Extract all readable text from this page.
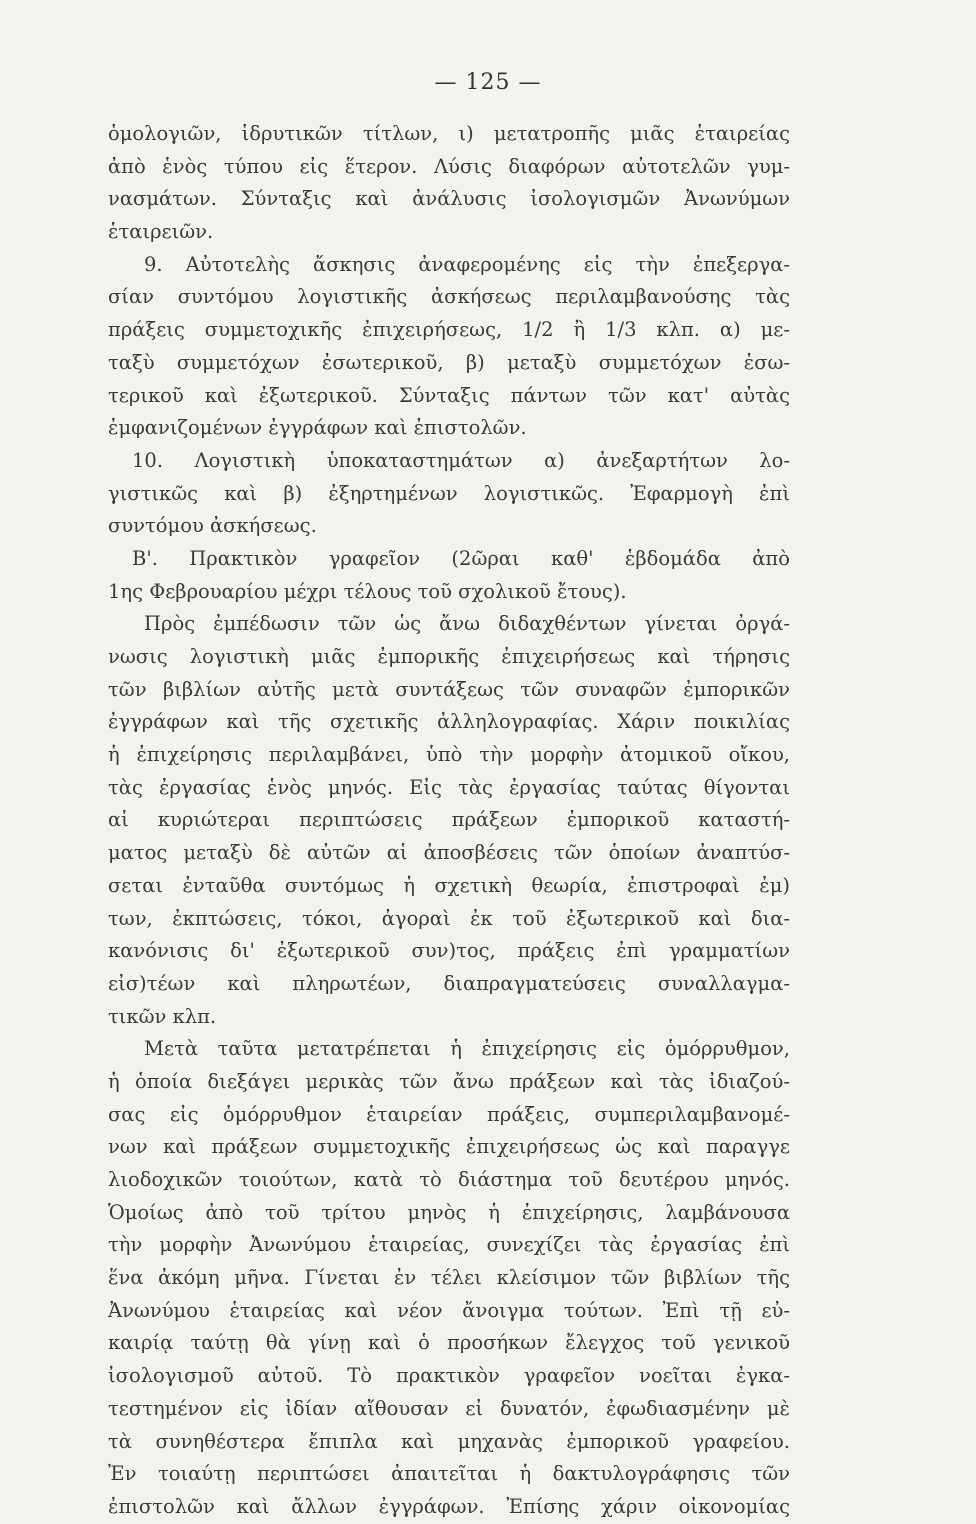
— 125 —
ὁμολογιῶν, ἱδρυτικῶν τίτλων, ι) μετατροπῆς μιᾶς ἑταιρείας
ἀπὸ ἑνὸς τύπου εἰς ἕτερον. Λύσις διαφόρων αὐτοτελῶν γυμ-
νασμάτων. Σύνταξις καὶ ἀνάλυσις ἰσολογισμῶν Ἀνωνύμων
ἑταιρειῶν.
9. Αὐτοτελὴς ἄσκησις ἀναφερομένης εἰς τὴν ἐπεξεργα-
σίαν συντόμου λογιστικῆς ἀσκήσεως περιλαμβανούσης τὰς
πράξεις συμμετοχικῆς ἐπιχειρήσεως, 1/2 ἢ 1/3 κλπ. α) με-
ταξὺ συμμετόχων ἐσωτερικοῦ, β) μεταξὺ συμμετόχων ἐσω-
τερικοῦ καὶ ἐξωτερικοῦ. Σύνταξις πάντων τῶν κατ' αὐτὰς
ἐμφανιζομένων ἐγγράφων καὶ ἐπιστολῶν.
10. Λογιστικὴ ὑποκαταστημάτων α) ἀνεξαρτήτων λο-
γιστικῶς καὶ β) ἐξηρτημένων λογιστικῶς. Ἐφαρμογὴ ἐπὶ
συντόμου ἀσκήσεως.
Β'. Πρακτικὸν γραφεῖον (2ῶραι καθ' ἑβδομάδα ἀπὸ
1ης Φεβρουαρίου μέχρι τέλους τοῦ σχολικοῦ ἔτους).
Πρὸς ἐμπέδωσιν τῶν ὡς ἄνω διδαχθέντων γίνεται ὀργά-
νωσις λογιστικὴ μιᾶς ἐμπορικῆς ἐπιχειρήσεως καὶ τήρησις
τῶν βιβλίων αὐτῆς μετὰ συντάξεως τῶν συναφῶν ἐμπορικῶν
ἐγγράφων καὶ τῆς σχετικῆς ἀλληλογραφίας. Χάριν ποικιλίας
ἡ ἐπιχείρησις περιλαμβάνει, ὑπὸ τὴν μορφὴν ἀτομικοῦ οἴκου,
τὰς ἐργασίας ἑνὸς μηνός. Εἰς τὰς ἐργασίας ταύτας θίγονται
αἱ κυριώτεραι περιπτώσεις πράξεων ἐμπορικοῦ καταστή-
ματος μεταξὺ δὲ αὐτῶν αἱ ἀποσβέσεις τῶν ὁποίων ἀναπτύσ-
σεται ἐνταῦθα συντόμως ἡ σχετικὴ θεωρία, ἐπιστροφαὶ ἐμ)
των, ἐκπτώσεις, τόκοι, ἀγοραὶ ἐκ τοῦ ἐξωτερικοῦ καὶ δια-
κανόνισις δι' ἐξωτερικοῦ συν)τος, πράξεις ἐπὶ γραμματίων
εἰσ)τέων καὶ πληρωτέων, διαπραγματεύσεις συναλλαγμα-
τικῶν κλπ.
Μετὰ ταῦτα μετατρέπεται ἡ ἐπιχείρησις εἰς ὁμόρρυθμον,
ἡ ὁποία διεξάγει μερικὰς τῶν ἄνω πράξεων καὶ τὰς ἰδιαζού-
σας εἰς ὁμόρρυθμον ἑταιρείαν πράξεις, συμπεριλαμβανομέ-
νων καὶ πράξεων συμμετοχικῆς ἐπιχειρήσεως ὡς καὶ παραγγε
λιοδοχικῶν τοιούτων, κατὰ τὸ διάστημα τοῦ δευτέρου μηνός.
Ὁμοίως ἀπὸ τοῦ τρίτου μηνὸς ἡ ἐπιχείρησις, λαμβάνουσα
τὴν μορφὴν Ἀνωνύμου ἑταιρείας, συνεχίζει τὰς ἐργασίας ἐπὶ
ἕνα ἀκόμη μῆνα. Γίνεται ἐν τέλει κλείσιμον τῶν βιβλίων τῆς
Ἀνωνύμου ἑταιρείας καὶ νέον ἄνοιγμα τούτων. Ἐπὶ τῇ εὐ-
καιρίᾳ ταύτῃ θὰ γίνῃ καὶ ὁ προσήκων ἔλεγχος τοῦ γενικοῦ
ἰσολογισμοῦ αὐτοῦ. Τὸ πρακτικὸν γραφεῖον νοεῖται ἐγκα-
τεστημένον εἰς ἰδίαν αἴθουσαν εἰ δυνατόν, ἐφωδιασμένην μὲ
τὰ συνηθέστερα ἔπιπλα καὶ μηχανὰς ἐμπορικοῦ γραφείου.
Ἐν τοιαύτῃ περιπτώσει ἀπαιτεῖται ἡ δακτυλογράφησις τῶν
ἐπιστολῶν καὶ ἄλλων ἐγγράφων. Ἐπίσης χάριν οἰκονομίας
